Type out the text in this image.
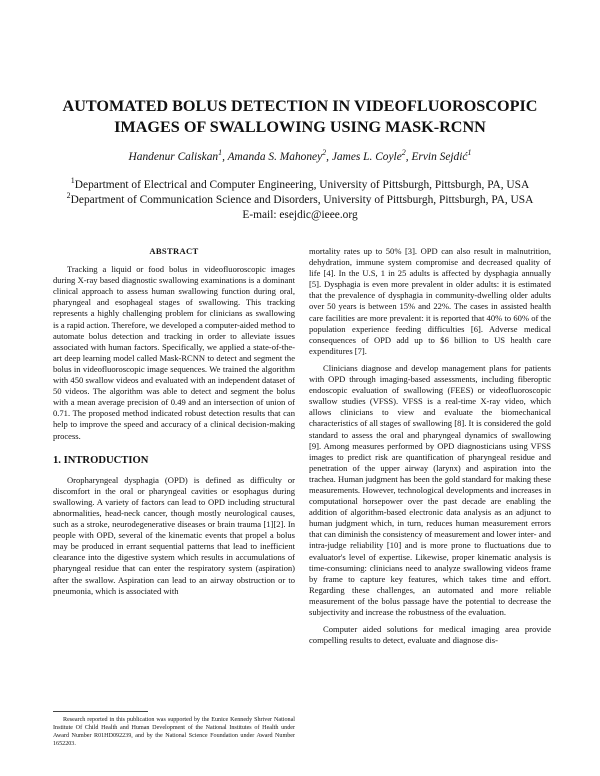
AUTOMATED BOLUS DETECTION IN VIDEOFLUOROSCOPIC
IMAGES OF SWALLOWING USING MASK-RCNN
Handenur Caliskan$^1$, Amanda S. Mahoney$^2$, James L. Coyle$^2$, Ervin Sejdić$^1$
$^1$Department of Electrical and Computer Engineering, University of Pittsburgh, Pittsburgh, PA, USA
$^2$Department of Communication Science and Disorders, University of Pittsburgh, Pittsburgh, PA, USA
E-mail: esejdic@ieee.org
ABSTRACT

Tracking a liquid or food bolus in videofluoroscopic images during X-ray based diagnostic swallowing examinations is a dominant clinical approach to assess human swallowing function during oral, pharyngeal and esophageal stages of swallowing. This tracking represents a highly challenging problem for clinicians as swallowing is a rapid action. Therefore, we developed a computer-aided method to automate bolus detection and tracking in order to alleviate issues associated with human factors. Specifically, we applied a state-of-the-art deep learning model called Mask-RCNN to detect and segment the bolus in videofluoroscopic image sequences. We trained the algorithm with 450 swallow videos and evaluated with an independent dataset of 50 videos. The algorithm was able to detect and segment the bolus with a mean average precision of 0.49 and an intersection of union of 0.71. The proposed method indicated robust detection results that can help to improve the speed and accuracy of a clinical decision-making process.

1. INTRODUCTION

Oropharyngeal dysphagia (OPD) is defined as difficulty or discomfort in the oral or pharyngeal cavities or esophagus during swallowing. A variety of factors can lead to OPD including structural abnormalities, head-neck cancer, though mostly neurological causes, such as a stroke, neurodegenerative diseases or brain trauma [1][2]. In people with OPD, several of the kinematic events that propel a bolus may be produced in errant sequential patterns that lead to inefficient clearance into the digestive system which results in accumulations of pharyngeal residue that can enter the respiratory system (aspiration) after the swallow. Aspiration can lead to an airway obstruction or to pneumonia, which is associated with

mortality rates up to 50% [3]. OPD can also result in malnutrition, dehydration, immune system compromise and decreased quality of life [4]. In the U.S, 1 in 25 adults is affected by dysphagia annually [5]. Dysphagia is even more prevalent in older adults: it is estimated that the prevalence of dysphagia in community-dwelling older adults over 50 years is between 15% and 22%. The cases in assisted health care facilities are more prevalent: it is reported that 40% to 60% of the population experience feeding difficulties [6]. Adverse medical consequences of OPD add up to $6 billion to US health care expenditures [7].

Clinicians diagnose and develop management plans for patients with OPD through imaging-based assessments, including fiberoptic endoscopic evaluation of swallowing (FEES) or videofluoroscopic swallow studies (VFSS). VFSS is a real-time X-ray video, which allows clinicians to view and evaluate the biomechanical characteristics of all stages of swallowing [8]. It is considered the gold standard to assess the oral and pharyngeal dynamics of swallowing [9]. Among measures performed by OPD diagnosticians using VFSS images to predict risk are quantification of pharyngeal residue and penetration of the upper airway (larynx) and aspiration into the trachea. Human judgment has been the gold standard for making these measurements. However, technological developments and increases in computational horsepower over the past decade are enabling the addition of algorithm-based electronic data analysis as an adjunct to human judgment which, in turn, reduces human measurement errors that can diminish the consistency of measurement and lower inter- and intra-judge reliability [10] and is more prone to fluctuations due to evaluator's level of expertise. Likewise, proper kinematic analysis is time-consuming: clinicians need to analyze swallowing videos frame by frame to capture key features, which takes time and effort. Regarding these challenges, an automated and more reliable measurement of the bolus passage have the potential to decrease the subjectivity and increase the robustness of the evaluation.

Computer aided solutions for medical imaging area provide compelling results to detect, evaluate and diagnose dis-

Research reported in this publication was supported by the Eunice Kennedy Shriver National Institute Of Child Health and Human Development of the National Institutes of Health under Award Number R01HD092239, and by the National Science Foundation under Award Number 1652203.
